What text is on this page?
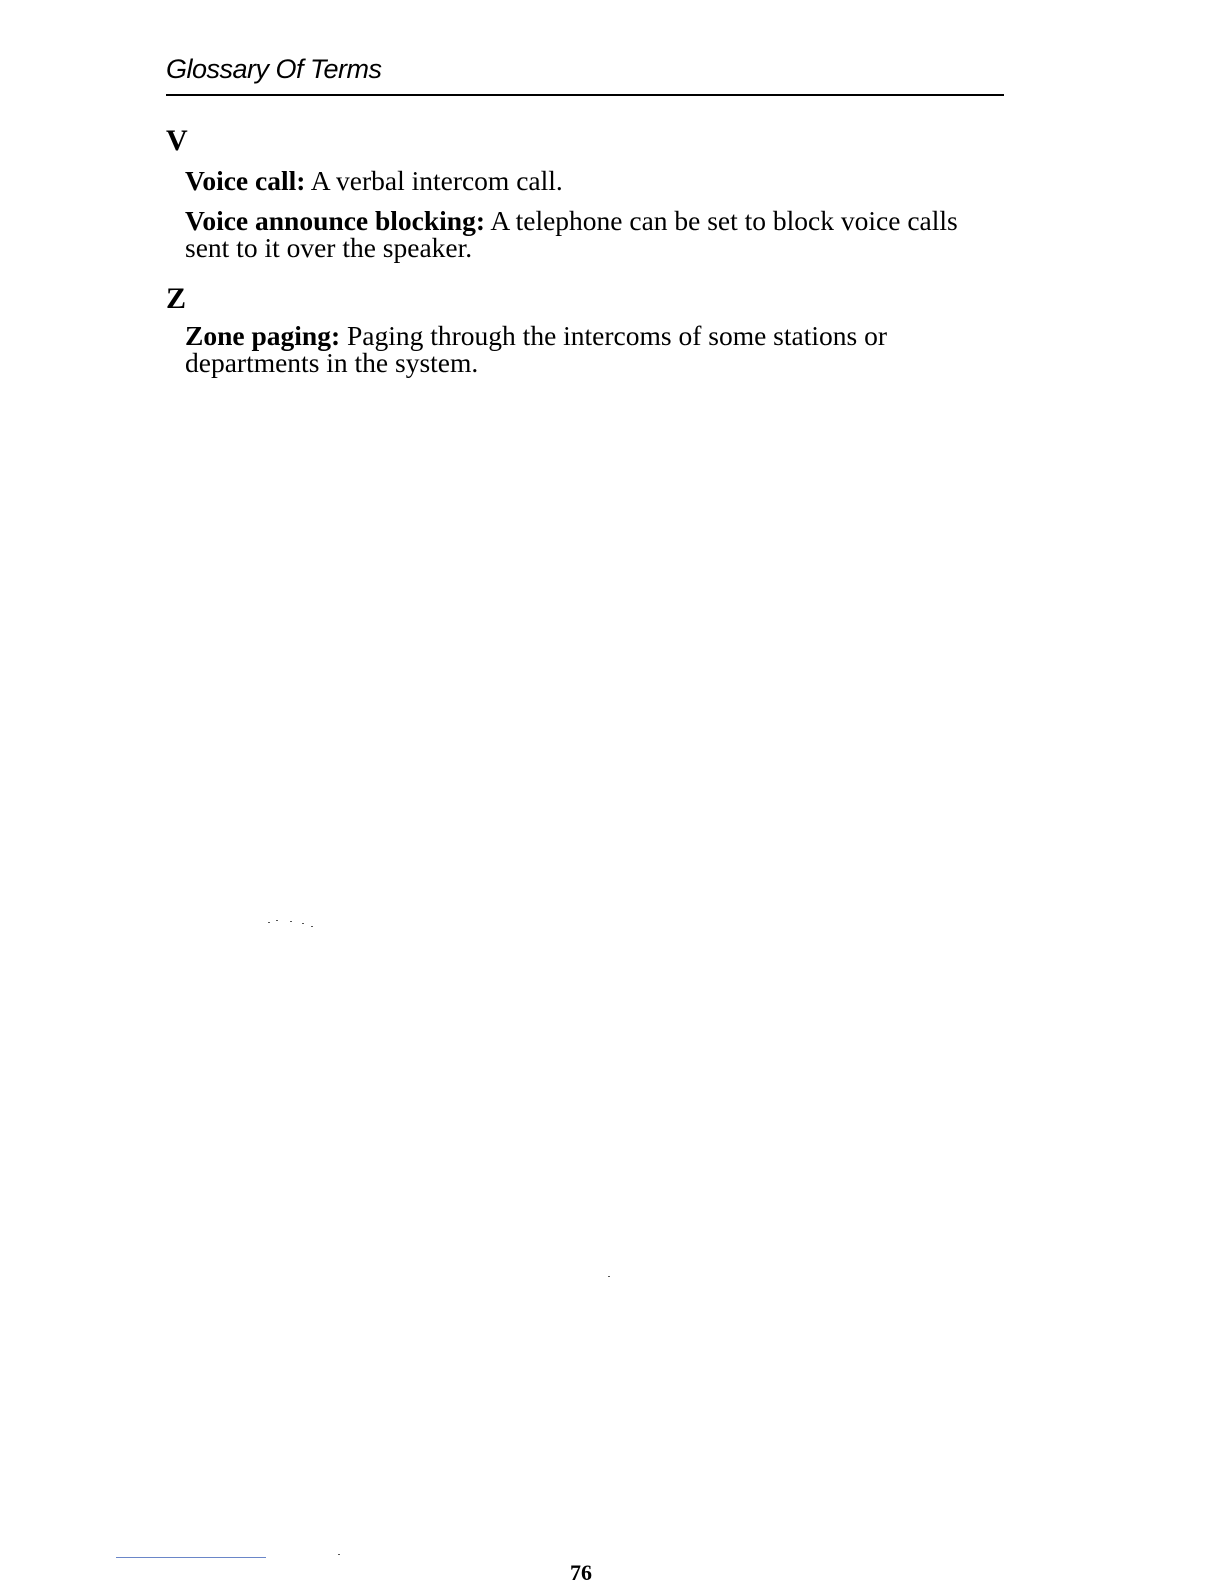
Glossary Of Terms
V
Voice call: A verbal intercom call.
Voice announce blocking: A telephone can be set to block voice calls sent to it over the speaker.
Z
Zone paging: Paging through the intercoms of some stations or departments in the system.
76
